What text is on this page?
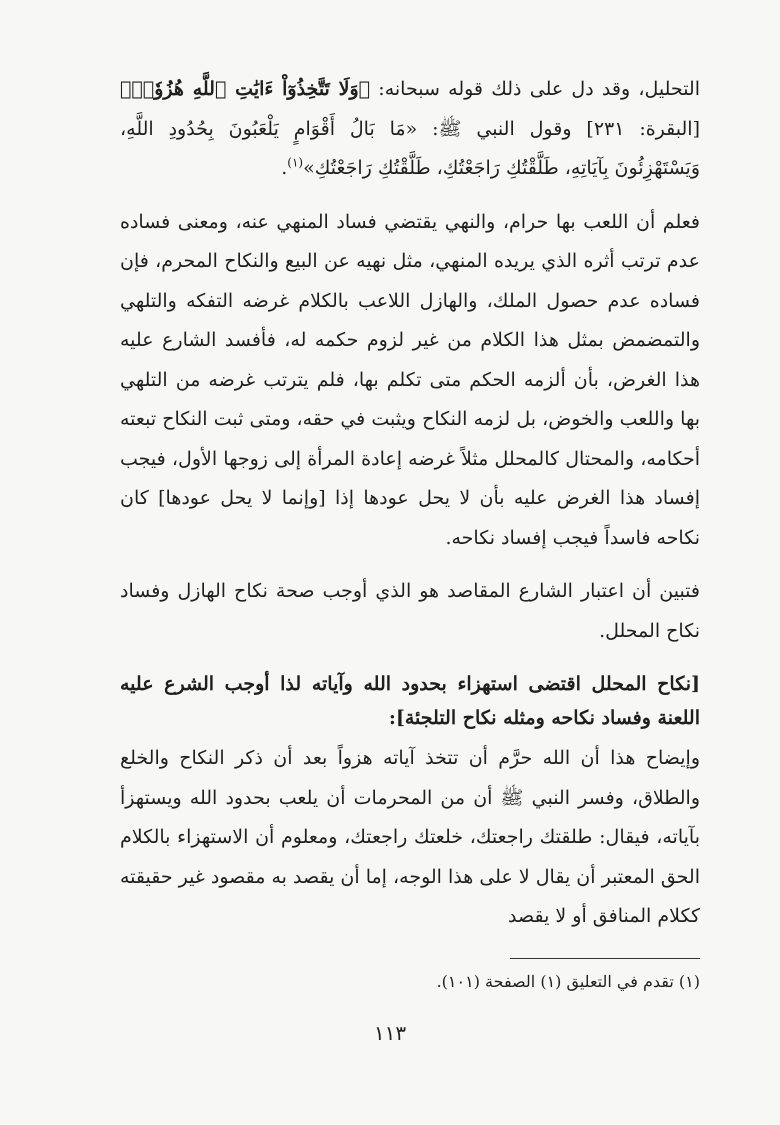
التحليل، وقد دل على ذلك قوله سبحانه: ﴿وَلَا تَتَّخِذُوٓاْ ءَايَٰتِ ٱللَّهِ هُزُوٗاۚ﴾ [البقرة: ٢٣١] وقول النبي ﷺ: «مَا بَالُ أَقْوَامٍ يَلْعَبُونَ بِحُدُودِ اللَّهِ، وَيَسْتَهْزِئُونَ بِآيَاتِهِ، طَلَّقْتُكِ رَاجَعْتُكِ، طَلَّقْتُكِ رَاجَعْتُكِ»$^{(١)}$.

فعلم أن اللعب بها حرام، والنهي يقتضي فساد المنهي عنه، ومعنى فساده عدم ترتب أثره الذي يريده المنهي، مثل نهيه عن البيع والنكاح المحرم، فإن فساده عدم حصول الملك، والهازل اللاعب بالكلام غرضه التفكه والتلهي والتمضمض بمثل هذا الكلام من غير لزوم حكمه له، فأفسد الشارع عليه هذا الغرض، بأن ألزمه الحكم متى تكلم بها، فلم يترتب غرضه من التلهي بها واللعب والخوض، بل لزمه النكاح ويثبت في حقه، ومتى ثبت النكاح تبعته أحكامه، والمحتال كالمحلل مثلاً غرضه إعادة المرأة إلى زوجها الأول، فيجب إفساد هذا الغرض عليه بأن لا يحل عودها إذا [وإنما لا يحل عودها] كان نكاحه فاسداً فيجب إفساد نكاحه.

فتبين أن اعتبار الشارع المقاصد هو الذي أوجب صحة نكاح الهازل وفساد نكاح المحلل.

[نكاح المحلل اقتضى استهزاء بحدود الله وآياته لذا أوجب الشرع عليه اللعنة وفساد نكاحه ومثله نكاح التلجئة]:

وإيضاح هذا أن الله حرَّم أن تتخذ آياته هزواً بعد أن ذكر النكاح والخلع والطلاق، وفسر النبي ﷺ أن من المحرمات أن يلعب بحدود الله ويستهزأ بآياته، فيقال: طلقتك راجعتك، خلعتك راجعتك، ومعلوم أن الاستهزاء بالكلام الحق المعتبر أن يقال لا على هذا الوجه، إما أن يقصد به مقصود غير حقيقته ككلام المنافق أو لا يقصد

(١) تقدم في التعليق (١) الصفحة (١٠١).
١١٣
